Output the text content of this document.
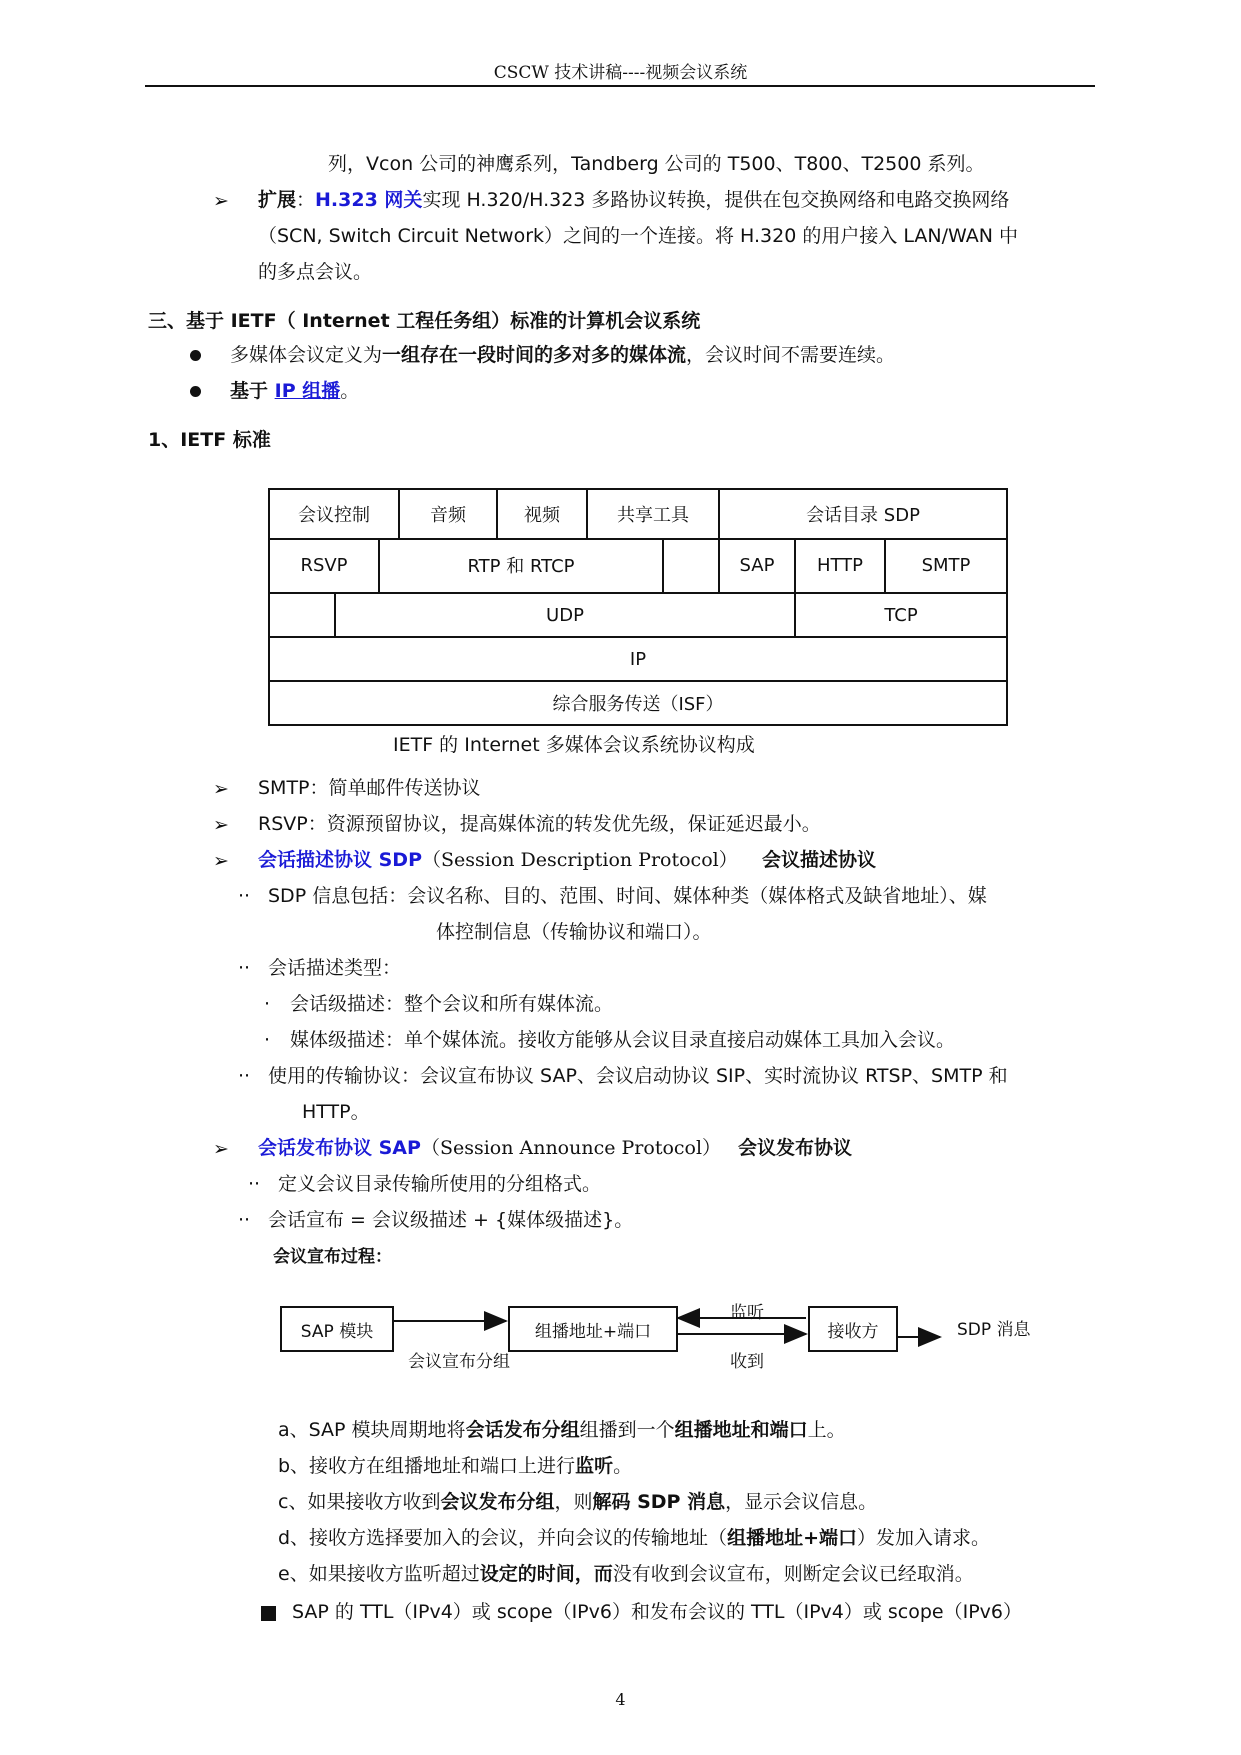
CSCW 技术讲稿----视频会议系统
列，Vcon 公司的神鹰系列，Tandberg 公司的 T500、T800、T2500 系列。
➢ 扩展：H.323 网关实现 H.320/H.323 多路协议转换，提供在包交换网络和电路交换网络
（SCN, Switch Circuit Network）之间的一个连接。将 H.320 的用户接入 LAN/WAN 中
的多点会议。
三、基于 IETF（ Internet 工程任务组）标准的计算机会议系统
多媒体会议定义为一组存在一段时间的多对多的媒体流，会议时间不需要连续。
基于 IP 组播。
1、IETF 标准
会议控制	音频	视频	共享工具	会话目录 SDP
RSVP	RTP 和 RTCP	SAP	HTTP	SMTP
UDP	TCP
IP
综合服务传送（ISF）
IETF 的 Internet 多媒体会议系统协议构成
➢ SMTP：简单邮件传送协议
➢ RSVP：资源预留协议，提高媒体流的转发优先级，保证延迟最小。
➢ 会话描述协议 SDP（Session Description Protocol） 会议描述协议
·· SDP 信息包括：会议名称、目的、范围、时间、媒体种类（媒体格式及缺省地址）、媒
体控制信息（传输协议和端口）。
·· 会话描述类型：
· 会话级描述：整个会议和所有媒体流。
· 媒体级描述：单个媒体流。接收方能够从会议目录直接启动媒体工具加入会议。
·· 使用的传输协议：会议宣布协议 SAP、会议启动协议 SIP、实时流协议 RTSP、SMTP 和
HTTP。
➢ 会话发布协议 SAP（Session Announce Protocol） 会议发布协议
·· 定义会议目录传输所使用的分组格式。
·· 会话宣布 = 会议级描述 + {媒体级描述}。
会议宣布过程：
SAP 模块	组播地址+端口	接收方	SDP 消息
监听
收到
会议宣布分组
a、SAP 模块周期地将会话发布分组组播到一个组播地址和端口上。
b、接收方在组播地址和端口上进行监听。
c、如果接收方收到会议发布分组，则解码 SDP 消息，显示会议信息。
d、接收方选择要加入的会议，并向会议的传输地址（组播地址+端口）发加入请求。
e、如果接收方监听超过设定的时间，而没有收到会议宣布，则断定会议已经取消。
SAP 的 TTL（IPv4）或 scope（IPv6）和发布会议的 TTL（IPv4）或 scope（IPv6）
4
